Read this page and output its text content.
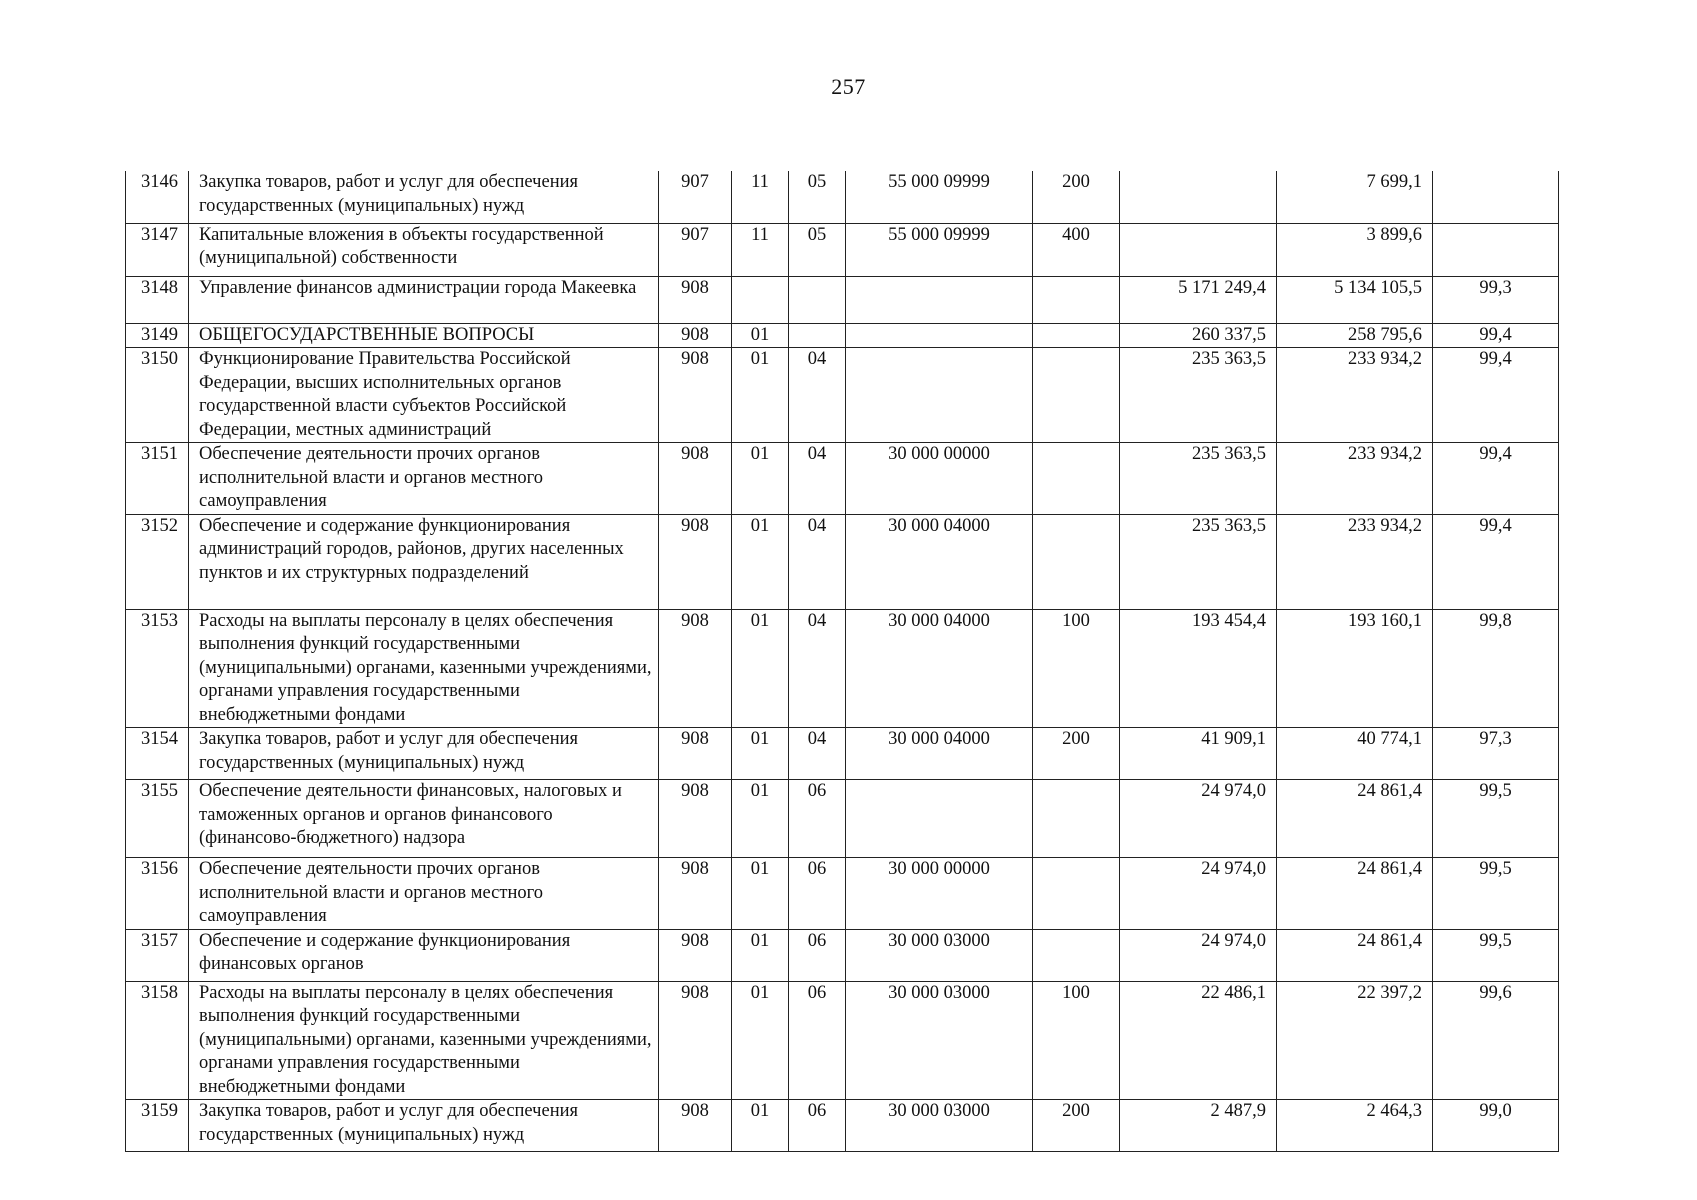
257
3146	Закупка товаров, работ и услуг для обеспечения государственных (муниципальных) нужд	907	11	05	55 000 09999	200		7 699,1	
3147	Капитальные вложения в объекты государственной (муниципальной) собственности	907	11	05	55 000 09999	400		3 899,6	
3148	Управление финансов администрации города Макеевка	908					5 171 249,4	5 134 105,5	99,3
3149	ОБЩЕГОСУДАРСТВЕННЫЕ ВОПРОСЫ	908	01				260 337,5	258 795,6	99,4
3150	Функционирование Правительства Российской Федерации, высших исполнительных органов государственной власти субъектов Российской Федерации, местных администраций	908	01	04			235 363,5	233 934,2	99,4
3151	Обеспечение деятельности прочих органов исполнительной власти и органов местного самоуправления	908	01	04	30 000 00000		235 363,5	233 934,2	99,4
3152	Обеспечение и содержание функционирования администраций городов, районов, других населенных пунктов и их структурных подразделений	908	01	04	30 000 04000		235 363,5	233 934,2	99,4
3153	Расходы на выплаты персоналу в целях обеспечения выполнения функций государственными (муниципальными) органами, казенными учреждениями, органами управления государственными внебюджетными фондами	908	01	04	30 000 04000	100	193 454,4	193 160,1	99,8
3154	Закупка товаров, работ и услуг для обеспечения государственных (муниципальных) нужд	908	01	04	30 000 04000	200	41 909,1	40 774,1	97,3
3155	Обеспечение деятельности финансовых, налоговых и таможенных органов и органов финансового (финансово-бюджетного) надзора	908	01	06			24 974,0	24 861,4	99,5
3156	Обеспечение деятельности прочих органов исполнительной власти и органов местного самоуправления	908	01	06	30 000 00000		24 974,0	24 861,4	99,5
3157	Обеспечение и содержание функционирования финансовых органов	908	01	06	30 000 03000		24 974,0	24 861,4	99,5
3158	Расходы на выплаты персоналу в целях обеспечения выполнения функций государственными (муниципальными) органами, казенными учреждениями, органами управления государственными внебюджетными фондами	908	01	06	30 000 03000	100	22 486,1	22 397,2	99,6
3159	Закупка товаров, работ и услуг для обеспечения государственных (муниципальных) нужд	908	01	06	30 000 03000	200	2 487,9	2 464,3	99,0
